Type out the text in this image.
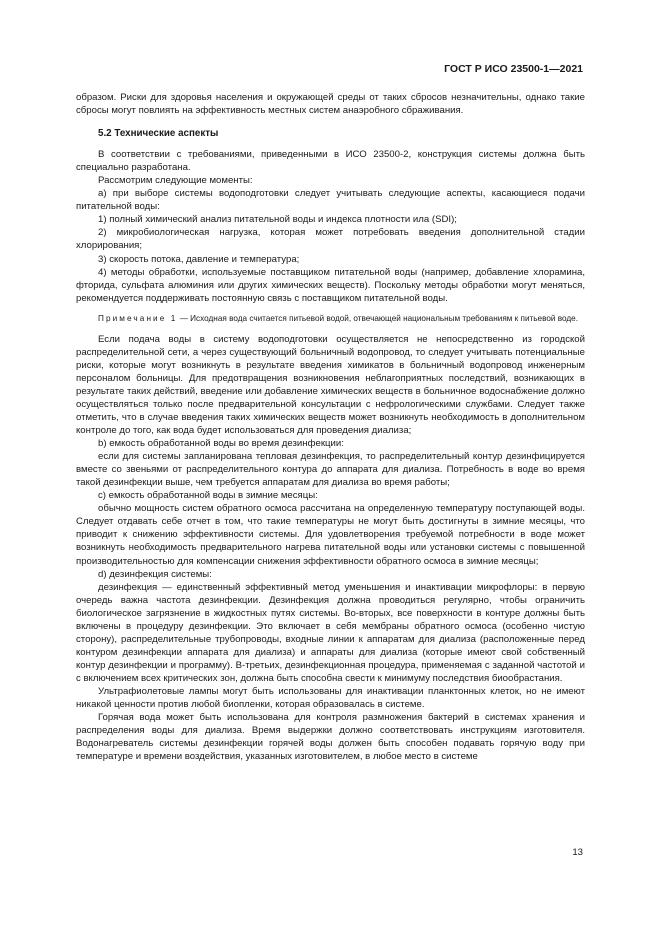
ГОСТ Р ИСО 23500-1—2021

образом. Риски для здоровья населения и окружающей среды от таких сбросов незначительны, однако такие сбросы могут повлиять на эффективность местных систем анаэробного сбраживания.

5.2 Технические аспекты

В соответствии с требованиями, приведенными в ИСО 23500-2, конструкция системы должна быть специально разработана.

Рассмотрим следующие моменты:

а) при выборе системы водоподготовки следует учитывать следующие аспекты, касающиеся подачи питательной воды:

1) полный химический анализ питательной воды и индекса плотности ила (SDI);

2) микробиологическая нагрузка, которая может потребовать введения дополнительной стадии хлорирования;

3) скорость потока, давление и температура;

4) методы обработки, используемые поставщиком питательной воды (например, добавление хлорамина, фторида, сульфата алюминия или других химических веществ). Поскольку методы обработки могут меняться, рекомендуется поддерживать постоянную связь с поставщиком питательной воды.

Примечание 1 — Исходная вода считается питьевой водой, отвечающей национальным требованиям к питьевой воде.

Если подача воды в систему водоподготовки осуществляется не непосредственно из городской распределительной сети, а через существующий больничный водопровод, то следует учитывать потенциальные риски, которые могут возникнуть в результате введения химикатов в больничный водопровод инженерным персоналом больницы. Для предотвращения возникновения неблагоприятных последствий, возникающих в результате таких действий, введение или добавление химических веществ в больничное водоснабжение должно осуществляться только после предварительной консультации с нефрологическими службами. Следует также отметить, что в случае введения таких химических веществ может возникнуть необходимость в дополнительном контроле до того, как вода будет использоваться для проведения диализа;

b) емкость обработанной воды во время дезинфекции:

если для системы запланирована тепловая дезинфекция, то распределительный контур дезинфицируется вместе со звеньями от распределительного контура до аппарата для диализа. Потребность в воде во время такой дезинфекции выше, чем требуется аппаратам для диализа во время работы;

c) емкость обработанной воды в зимние месяцы:

обычно мощность систем обратного осмоса рассчитана на определенную температуру поступающей воды. Следует отдавать себе отчет в том, что такие температуры не могут быть достигнуты в зимние месяцы, что приводит к снижению эффективности системы. Для удовлетворения требуемой потребности в воде может возникнуть необходимость предварительного нагрева питательной воды или установки системы с повышенной производительностью для компенсации снижения эффективности обратного осмоса в зимние месяцы;

d) дезинфекция системы:

дезинфекция — единственный эффективный метод уменьшения и инактивации микрофлоры: в первую очередь важна частота дезинфекции. Дезинфекция должна проводиться регулярно, чтобы ограничить биологическое загрязнение в жидкостных путях системы. Во-вторых, все поверхности в контуре должны быть включены в процедуру дезинфекции. Это включает в себя мембраны обратного осмоса (особенно чистую сторону), распределительные трубопроводы, входные линии к аппаратам для диализа (расположенные перед контуром дезинфекции аппарата для диализа) и аппараты для диализа (которые имеют свой собственный контур дезинфекции и программу). В-третьих, дезинфекционная процедура, применяемая с заданной частотой и с включением всех критических зон, должна быть способна свести к минимуму последствия биообрастания.

Ультрафиолетовые лампы могут быть использованы для инактивации планктонных клеток, но не имеют никакой ценности против любой биопленки, которая образовалась в системе.

Горячая вода может быть использована для контроля размножения бактерий в системах хранения и распределения воды для диализа. Время выдержки должно соответствовать инструкциям изготовителя. Водонагреватель системы дезинфекции горячей воды должен быть способен подавать горячую воду при температуре и времени воздействия, указанных изготовителем, в любое место в системе

13
